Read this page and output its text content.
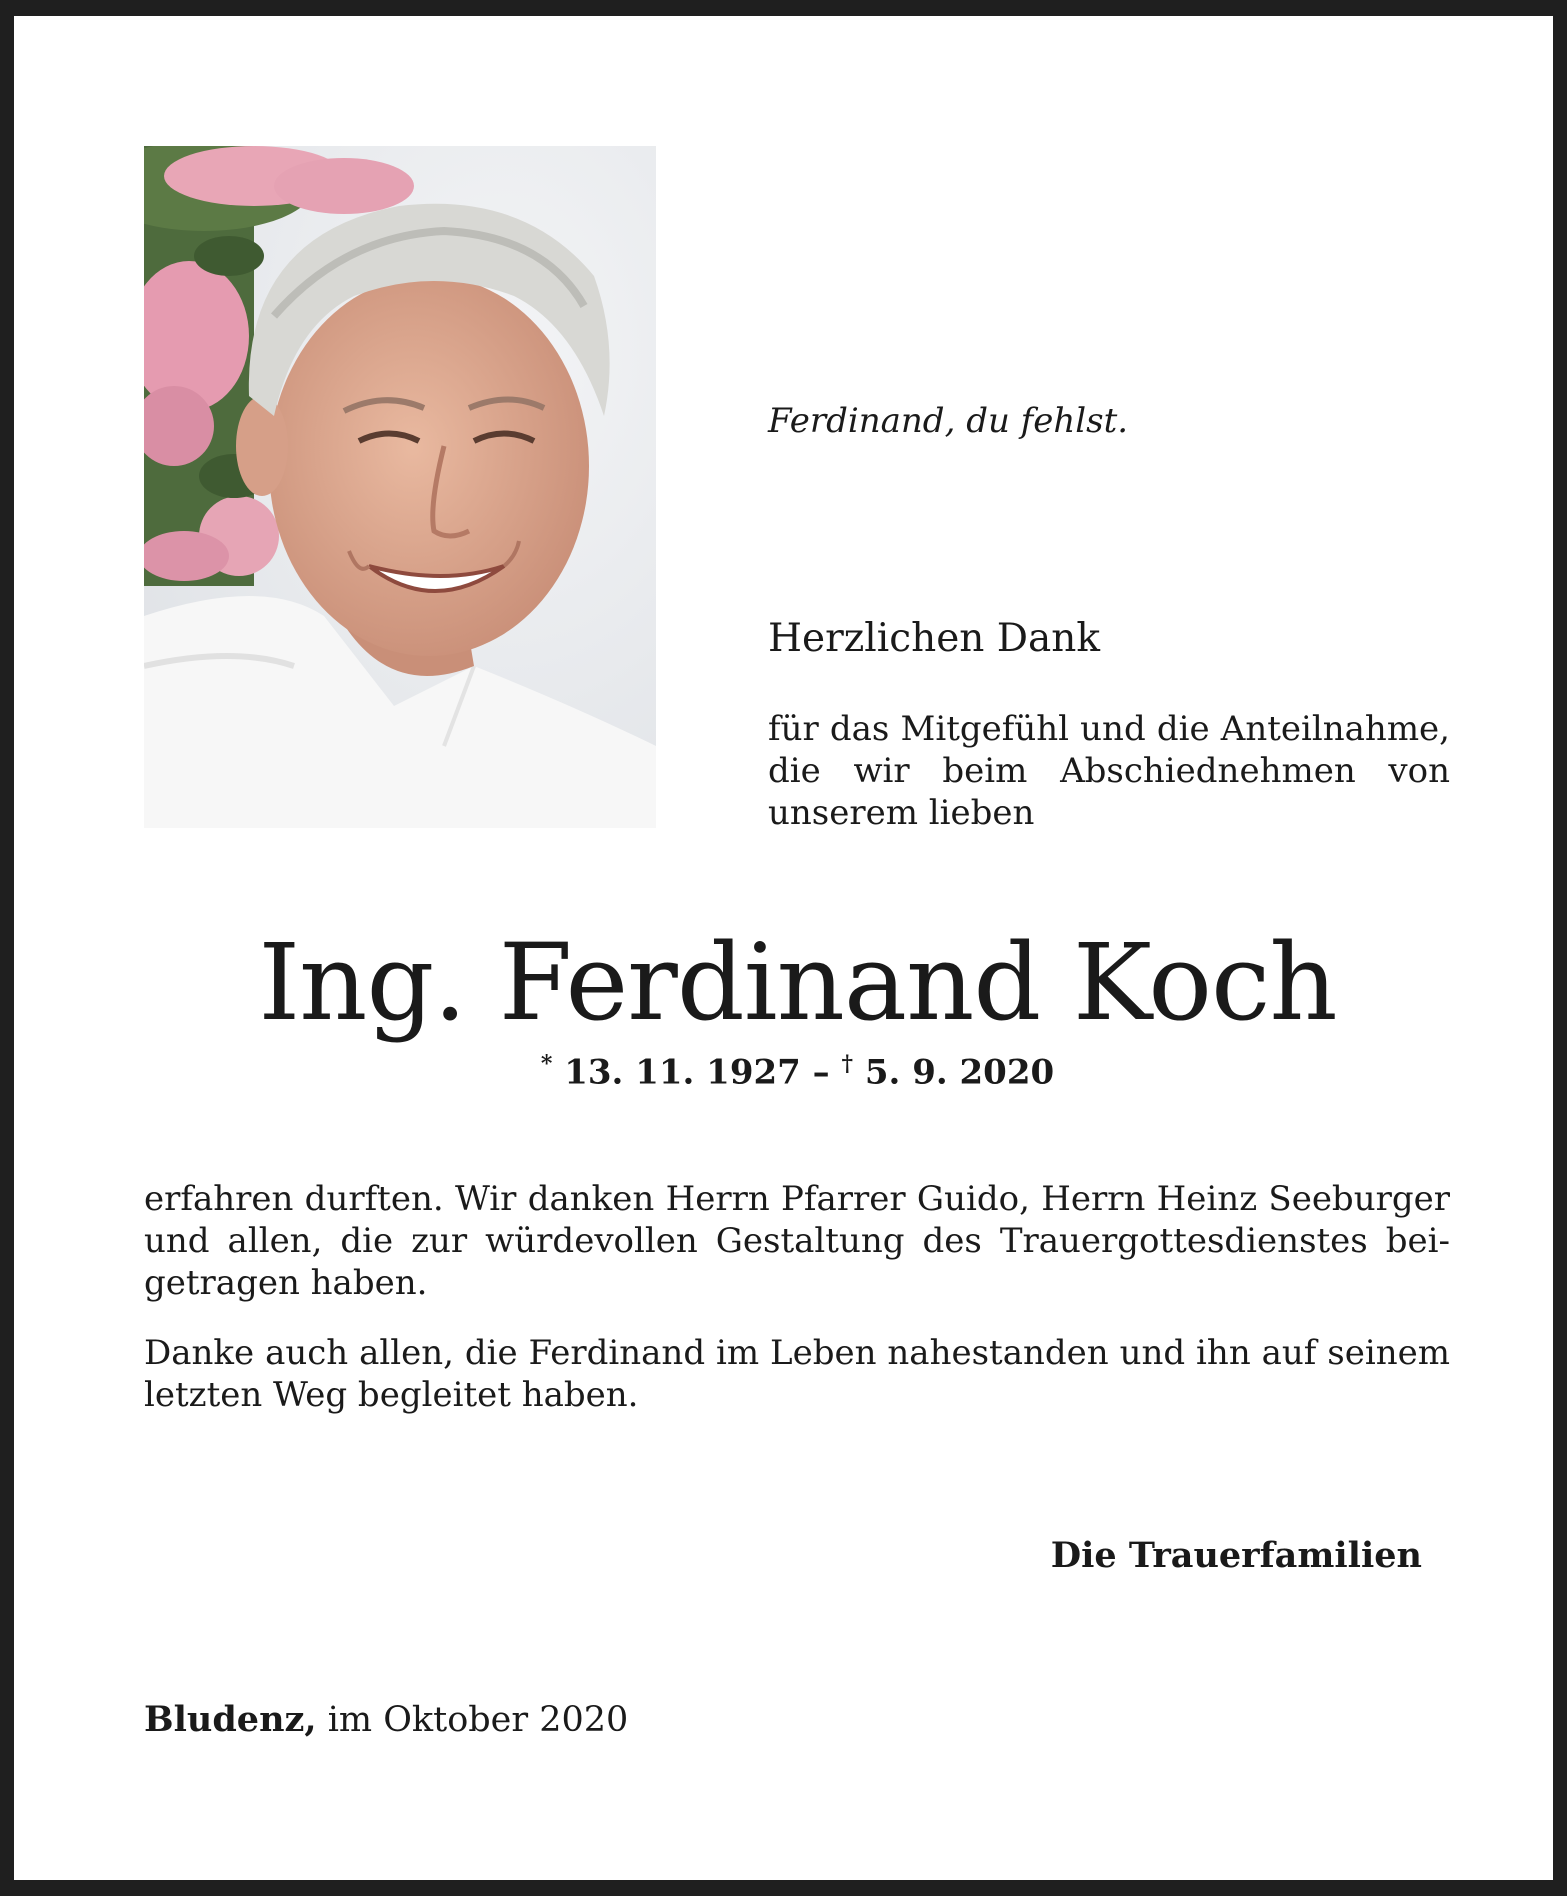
Ferdinand, du fehlst.
Herzlichen Dank
für das Mitgefühl und die Anteilnahme,
die wir beim Abschiednehmen von
unserem lieben
Ing. Ferdinand Koch
* 13. 11. 1927 – † 5. 9. 2020
erfahren durften. Wir danken Herrn Pfarrer Guido, Herrn Heinz Seeburger
und allen, die zur würdevollen Gestaltung des Trauergottesdienstes bei-
getragen haben.
Danke auch allen, die Ferdinand im Leben nahestanden und ihn auf seinem
letzten Weg begleitet haben.
Die Trauerfamilien
Bludenz, im Oktober 2020
